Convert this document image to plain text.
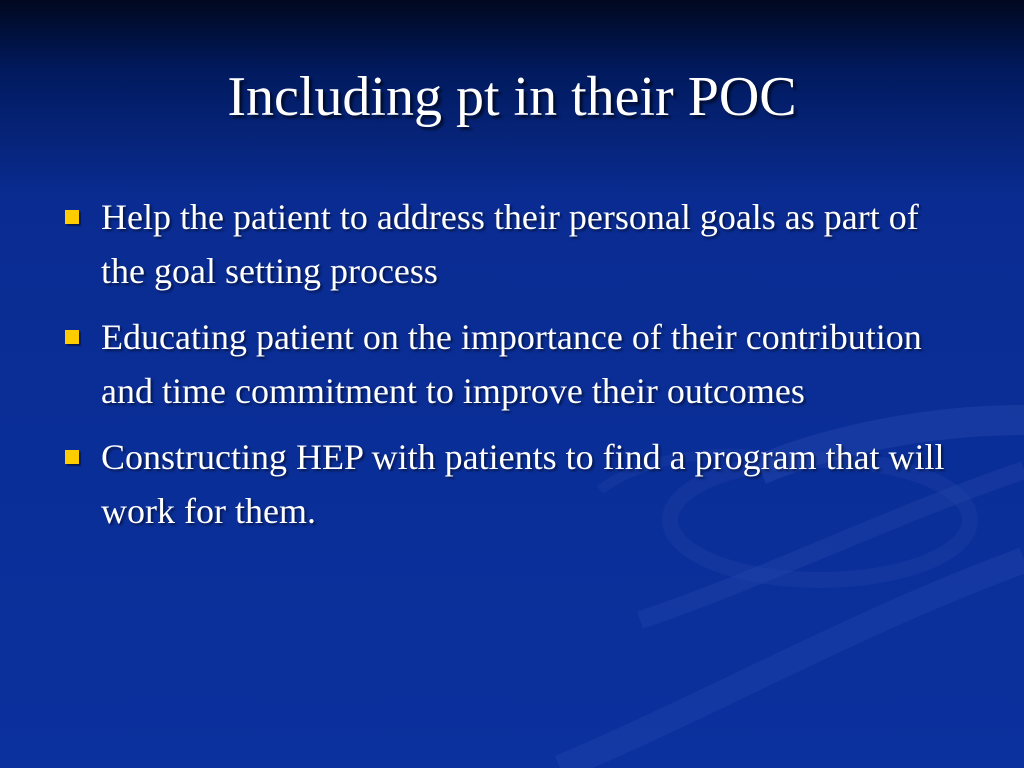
Including pt in their POC
Help the patient to address their personal goals as part of the goal setting process
Educating patient on the importance of their contribution and time commitment to improve their outcomes
Constructing HEP with patients to find a program that will work for them.
